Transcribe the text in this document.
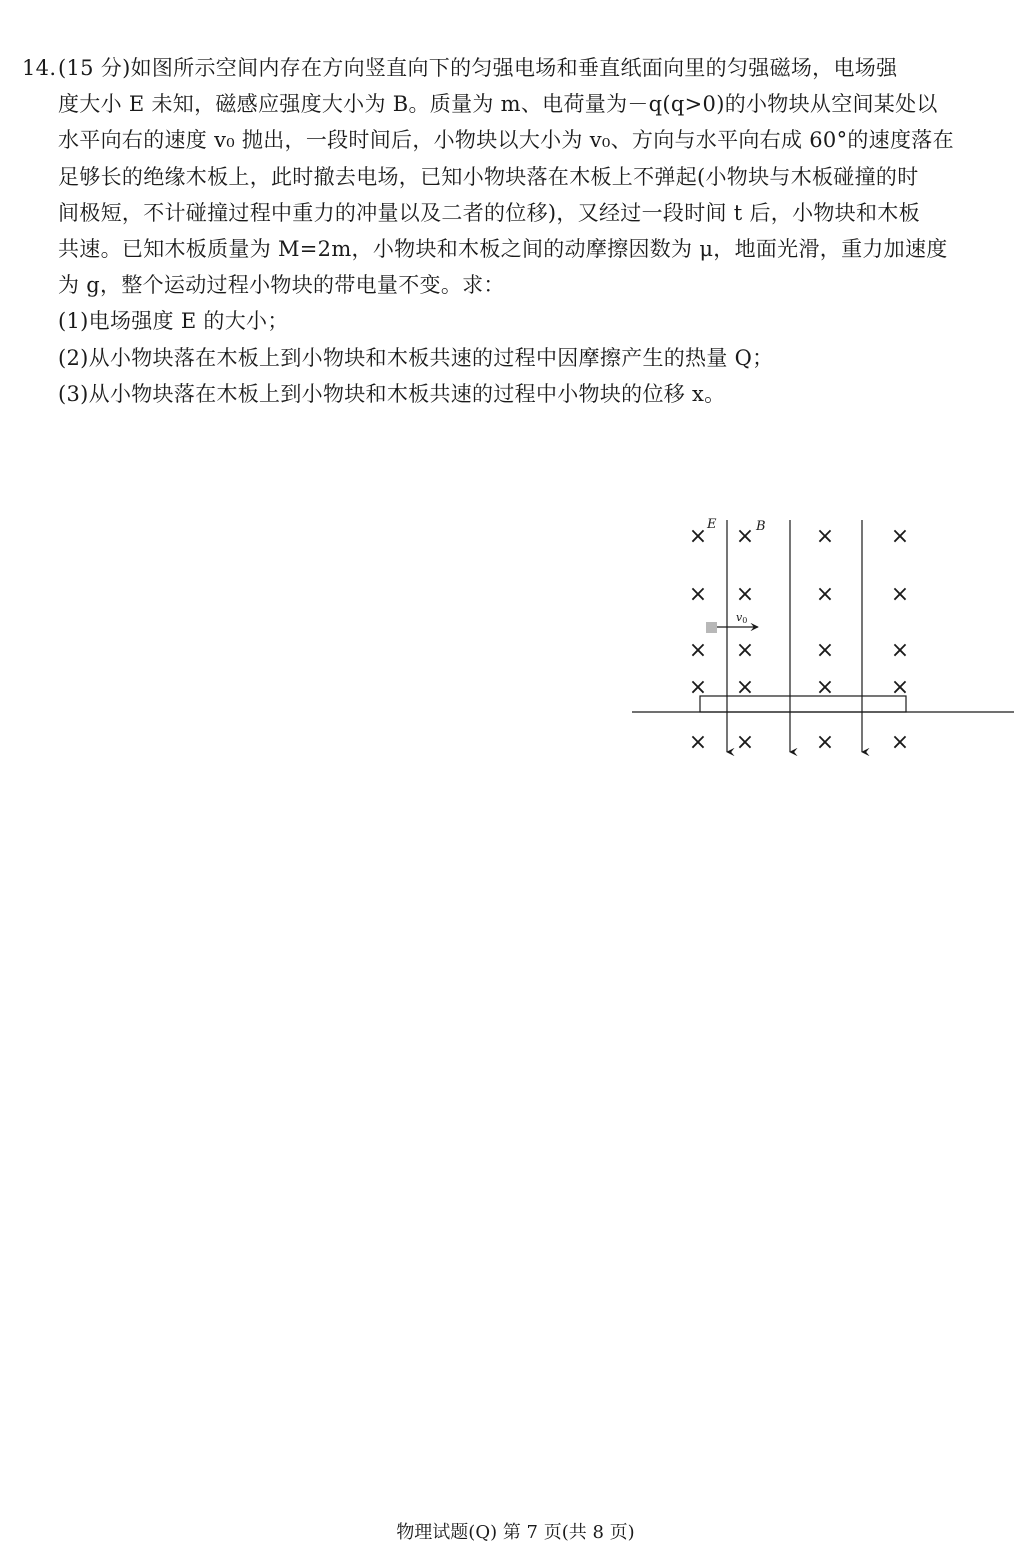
14.(15 分)如图所示空间内存在方向竖直向下的匀强电场和垂直纸面向里的匀强磁场，电场强
度大小 E 未知，磁感应强度大小为 B。质量为 m、电荷量为－q(q>0)的小物块从空间某处以
水平向右的速度 v₀ 抛出，一段时间后，小物块以大小为 v₀、方向与水平向右成 60°的速度落在
足够长的绝缘木板上，此时撤去电场，已知小物块落在木板上不弹起(小物块与木板碰撞的时
间极短，不计碰撞过程中重力的冲量以及二者的位移)，又经过一段时间 t 后，小物块和木板
共速。已知木板质量为 M=2m，小物块和木板之间的动摩擦因数为 μ，地面光滑，重力加速度
为 g，整个运动过程小物块的带电量不变。求：
(1)电场强度 E 的大小；
(2)从小物块落在木板上到小物块和木板共速的过程中因摩擦产生的热量 Q；
(3)从小物块落在木板上到小物块和木板共速的过程中小物块的位移 x。
× ×	×	×
× ×	×	×
× ×	×	×
× ×	×	×
× ×	×	×
E	B
v0
物理试题(Q) 第 7 页(共 8 页)
